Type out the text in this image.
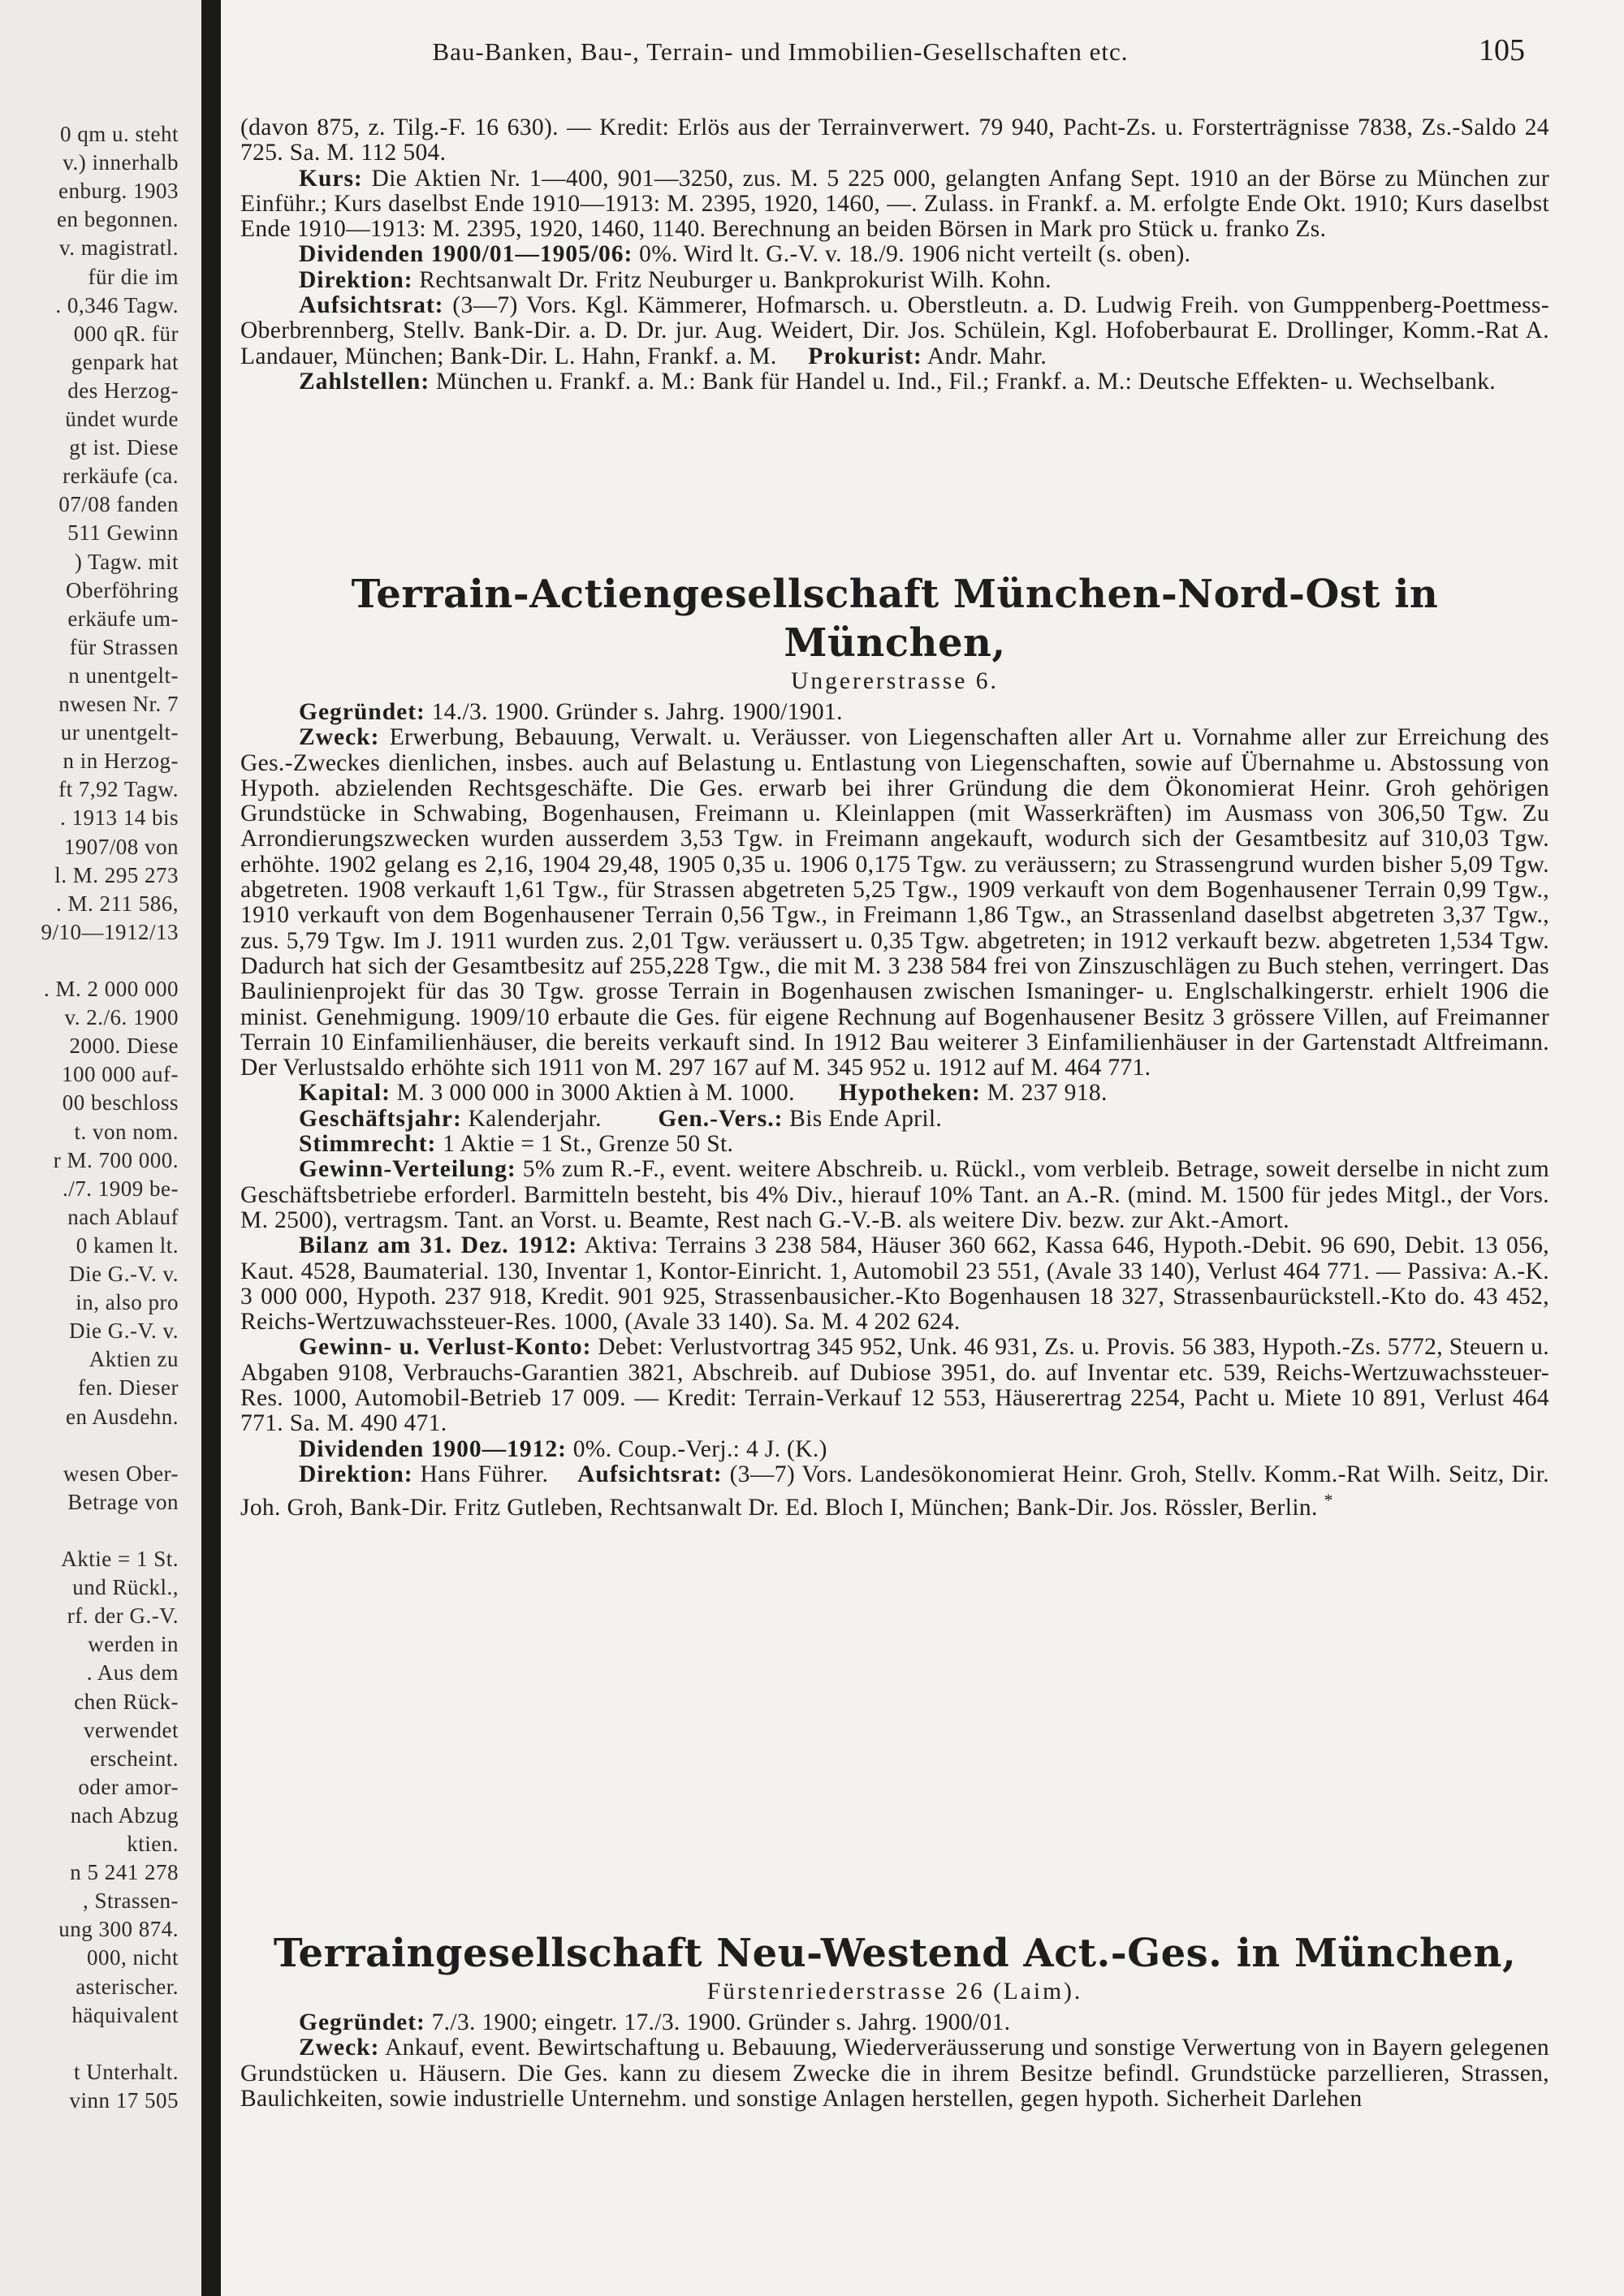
0 qm u. steht
v.) innerhalb
enburg. 1903
en begonnen.
v. magistratl.
für die im
. 0,346 Tagw.
000 qR. für
genpark hat
des Herzog-
ündet wurde
gt ist. Diese
rerkäufe (ca.
07/08 fanden
511 Gewinn
) Tagw. mit
Oberföhring
erkäufe um-
für Strassen
n unentgelt-
nwesen Nr. 7
ur unentgelt-
n in Herzog-
ft 7,92 Tagw.
. 1913 14 bis
1907/08 von
l. M. 295 273
. M. 211 586,
9/10—1912/13
. M. 2 000 000
v. 2./6. 1900
2000. Diese
100 000 auf-
00 beschloss
t. von nom.
r M. 700 000.
./7. 1909 be-
nach Ablauf
0 kamen lt.
Die G.-V. v.
in, also pro
Die G.-V. v.
Aktien zu
fen. Dieser
en Ausdehn.
wesen Ober-
Betrage von
Aktie = 1 St.
und Rückl.,
rf. der G.-V.
werden in
. Aus dem
chen Rück-
verwendet
erscheint.
oder amor-
nach Abzug
ktien.
n 5 241 278
, Strassen-
ung 300 874.
000, nicht
asterischer.
häquivalent
t Unterhalt.
vinn 17 505
Bau-Banken, Bau-, Terrain- und Immobilien-Gesellschaften etc.	105

(davon 875, z. Tilg.-F. 16 630). — Kredit: Erlös aus der Terrainverwert. 79 940, Pacht-Zs. u. Forsterträgnisse 7838, Zs.-Saldo 24 725. Sa. M. 112 504.

Kurs: Die Aktien Nr. 1—400, 901—3250, zus. M. 5 225 000, gelangten Anfang Sept. 1910 an der Börse zu München zur Einführ.; Kurs daselbst Ende 1910—1913: M. 2395, 1920, 1460, —. Zulass. in Frankf. a. M. erfolgte Ende Okt. 1910; Kurs daselbst Ende 1910—1913: M. 2395, 1920, 1460, 1140. Berechnung an beiden Börsen in Mark pro Stück u. franko Zs.

Dividenden 1900/01—1905/06: 0%. Wird lt. G.-V. v. 18./9. 1906 nicht verteilt (s. oben).

Direktion: Rechtsanwalt Dr. Fritz Neuburger u. Bankprokurist Wilh. Kohn.

Aufsichtsrat: (3—7) Vors. Kgl. Kämmerer, Hofmarsch. u. Oberstleutn. a. D. Ludwig Freih. von Gumppenberg-Poettmess-Oberbrennberg, Stellv. Bank-Dir. a. D. Dr. jur. Aug. Weidert, Dir. Jos. Schülein, Kgl. Hofoberbaurat E. Drollinger, Komm.-Rat A. Landauer, München; Bank-Dir. L. Hahn, Frankf. a. M. Prokurist: Andr. Mahr.

Zahlstellen: München u. Frankf. a. M.: Bank für Handel u. Ind., Fil.; Frankf. a. M.: Deutsche Effekten- u. Wechselbank.

Terrain-Actiengesellschaft München-Nord-Ost in München,

Ungererstrasse 6.

Gegründet: 14./3. 1900. Gründer s. Jahrg. 1900/1901.

Zweck: Erwerbung, Bebauung, Verwalt. u. Veräusser. von Liegenschaften aller Art u. Vornahme aller zur Erreichung des Ges.-Zweckes dienlichen, insbes. auch auf Belastung u. Entlastung von Liegenschaften, sowie auf Übernahme u. Abstossung von Hypoth. abzielenden Rechtsgeschäfte. Die Ges. erwarb bei ihrer Gründung die dem Ökonomierat Heinr. Groh gehörigen Grundstücke in Schwabing, Bogenhausen, Freimann u. Kleinlappen (mit Wasserkräften) im Ausmass von 306,50 Tgw. Zu Arrondierungszwecken wurden ausserdem 3,53 Tgw. in Freimann angekauft, wodurch sich der Gesamtbesitz auf 310,03 Tgw. erhöhte. 1902 gelang es 2,16, 1904 29,48, 1905 0,35 u. 1906 0,175 Tgw. zu veräussern; zu Strassengrund wurden bisher 5,09 Tgw. abgetreten. 1908 verkauft 1,61 Tgw., für Strassen abgetreten 5,25 Tgw., 1909 verkauft von dem Bogenhausener Terrain 0,99 Tgw., 1910 verkauft von dem Bogenhausener Terrain 0,56 Tgw., in Freimann 1,86 Tgw., an Strassenland daselbst abgetreten 3,37 Tgw., zus. 5,79 Tgw. Im J. 1911 wurden zus. 2,01 Tgw. veräussert u. 0,35 Tgw. abgetreten; in 1912 verkauft bezw. abgetreten 1,534 Tgw. Dadurch hat sich der Gesamtbesitz auf 255,228 Tgw., die mit M. 3 238 584 frei von Zinszuschlägen zu Buch stehen, verringert. Das Baulinienprojekt für das 30 Tgw. grosse Terrain in Bogenhausen zwischen Ismaninger- u. Englschalkingerstr. erhielt 1906 die minist. Genehmigung. 1909/10 erbaute die Ges. für eigene Rechnung auf Bogenhausener Besitz 3 grössere Villen, auf Freimanner Terrain 10 Einfamilienhäuser, die bereits verkauft sind. In 1912 Bau weiterer 3 Einfamilienhäuser in der Gartenstadt Altfreimann. Der Verlustsaldo erhöhte sich 1911 von M. 297 167 auf M. 345 952 u. 1912 auf M. 464 771.

Kapital: M. 3 000 000 in 3000 Aktien à M. 1000. Hypotheken: M. 237 918.

Geschäftsjahr: Kalenderjahr. Gen.-Vers.: Bis Ende April.

Stimmrecht: 1 Aktie = 1 St., Grenze 50 St.

Gewinn-Verteilung: 5% zum R.-F., event. weitere Abschreib. u. Rückl., vom verbleib. Betrage, soweit derselbe in nicht zum Geschäftsbetriebe erforderl. Barmitteln besteht, bis 4% Div., hierauf 10% Tant. an A.-R. (mind. M. 1500 für jedes Mitgl., der Vors. M. 2500), vertragsm. Tant. an Vorst. u. Beamte, Rest nach G.-V.-B. als weitere Div. bezw. zur Akt.-Amort.

Bilanz am 31. Dez. 1912: Aktiva: Terrains 3 238 584, Häuser 360 662, Kassa 646, Hypoth.-Debit. 96 690, Debit. 13 056, Kaut. 4528, Baumaterial. 130, Inventar 1, Kontor-Einricht. 1, Automobil 23 551, (Avale 33 140), Verlust 464 771. — Passiva: A.-K. 3 000 000, Hypoth. 237 918, Kredit. 901 925, Strassenbausicher.-Kto Bogenhausen 18 327, Strassenbaurückstell.-Kto do. 43 452, Reichs-Wertzuwachssteuer-Res. 1000, (Avale 33 140). Sa. M. 4 202 624.

Gewinn- u. Verlust-Konto: Debet: Verlustvortrag 345 952, Unk. 46 931, Zs. u. Provis. 56 383, Hypoth.-Zs. 5772, Steuern u. Abgaben 9108, Verbrauchs-Garantien 3821, Abschreib. auf Dubiose 3951, do. auf Inventar etc. 539, Reichs-Wertzuwachssteuer-Res. 1000, Automobil-Betrieb 17 009. — Kredit: Terrain-Verkauf 12 553, Häuserertrag 2254, Pacht u. Miete 10 891, Verlust 464 771. Sa. M. 490 471.

Dividenden 1900—1912: 0%. Coup.-Verj.: 4 J. (K.)

Direktion: Hans Führer. Aufsichtsrat: (3—7) Vors. Landesökonomierat Heinr. Groh, Stellv. Komm.-Rat Wilh. Seitz, Dir. Joh. Groh, Bank-Dir. Fritz Gutleben, Rechtsanwalt Dr. Ed. Bloch I, München; Bank-Dir. Jos. Rössler, Berlin. *

Terraingesellschaft Neu-Westend Act.-Ges. in München,

Fürstenriederstrasse 26 (Laim).

Gegründet: 7./3. 1900; eingetr. 17./3. 1900. Gründer s. Jahrg. 1900/01.

Zweck: Ankauf, event. Bewirtschaftung u. Bebauung, Wiederveräusserung und sonstige Verwertung von in Bayern gelegenen Grundstücken u. Häusern. Die Ges. kann zu diesem Zwecke die in ihrem Besitze befindl. Grundstücke parzellieren, Strassen, Baulichkeiten, sowie industrielle Unternehm. und sonstige Anlagen herstellen, gegen hypoth. Sicherheit Darlehen
